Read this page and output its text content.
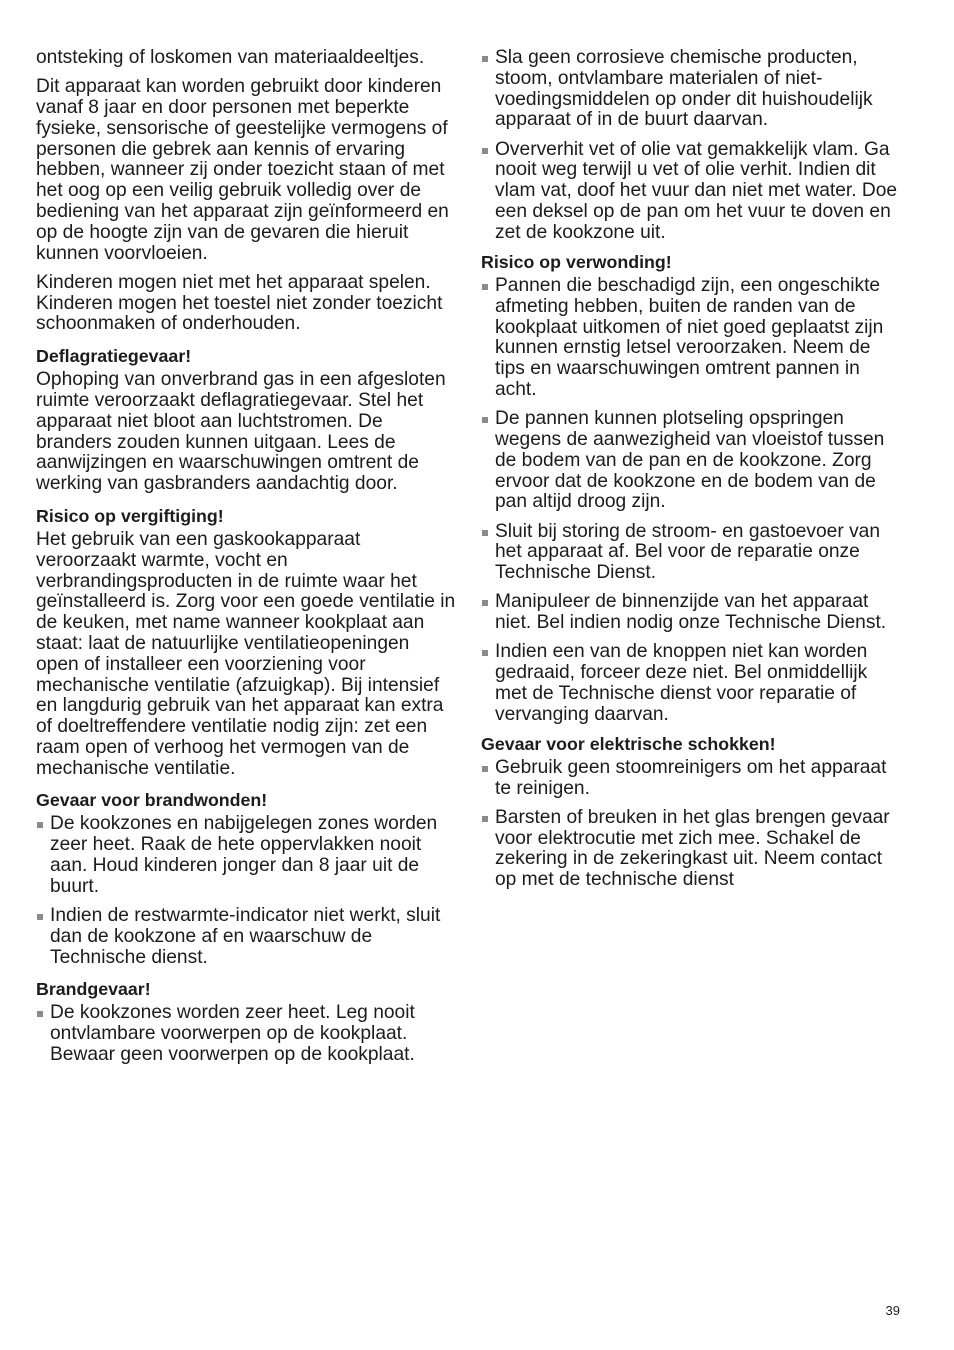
ontsteking of loskomen van materiaaldeeltjes.

Dit apparaat kan worden gebruikt door kinderen vanaf 8 jaar en door personen met beperkte fysieke, sensorische of geestelijke vermogens of personen die gebrek aan kennis of ervaring hebben, wanneer zij onder toezicht staan of met het oog op een veilig gebruik volledig over de bediening van het apparaat zijn geïnformeerd en op de hoogte zijn van de gevaren die hieruit kunnen voorvloeien.

Kinderen mogen niet met het apparaat spelen. Kinderen mogen het toestel niet zonder toezicht schoonmaken of onderhouden.

Deflagratiegevaar!

Ophoping van onverbrand gas in een afgesloten ruimte veroorzaakt deflagratiegevaar. Stel het apparaat niet bloot aan luchtstromen. De branders zouden kunnen uitgaan. Lees de aanwijzingen en waarschuwingen omtrent de werking van gasbranders aandachtig door.

Risico op vergiftiging!

Het gebruik van een gaskookapparaat veroorzaakt warmte, vocht en verbrandingsproducten in de ruimte waar het geïnstalleerd is. Zorg voor een goede ventilatie in de keuken, met name wanneer kookplaat aan staat: laat de natuurlijke ventilatieopeningen open of installeer een voorziening voor mechanische ventilatie (afzuigkap). Bij intensief en langdurig gebruik van het apparaat kan extra of doeltreffendere ventilatie nodig zijn: zet een raam open of verhoog het vermogen van de mechanische ventilatie.

Gevaar voor brandwonden!
De kookzones en nabijgelegen zones worden zeer heet. Raak de hete oppervlakken nooit aan. Houd kinderen jonger dan 8 jaar uit de buurt.
Indien de restwarmte-indicator niet werkt, sluit dan de kookzone af en waarschuw de Technische dienst.
Brandgevaar!
De kookzones worden zeer heet. Leg nooit ontvlambare voorwerpen op de kookplaat. Bewaar geen voorwerpen op de kookplaat.
Sla geen corrosieve chemische producten, stoom, ontvlambare materialen of niet-voedingsmiddelen op onder dit huishoudelijk apparaat of in de buurt daarvan.
Oververhit vet of olie vat gemakkelijk vlam. Ga nooit weg terwijl u vet of olie verhit. Indien dit vlam vat, doof het vuur dan niet met water. Doe een deksel op de pan om het vuur te doven en zet de kookzone uit.
Risico op verwonding!
Pannen die beschadigd zijn, een ongeschikte afmeting hebben, buiten de randen van de kookplaat uitkomen of niet goed geplaatst zijn kunnen ernstig letsel veroorzaken. Neem de tips en waarschuwingen omtrent pannen in acht.
De pannen kunnen plotseling opspringen wegens de aanwezigheid van vloeistof tussen de bodem van de pan en de kookzone. Zorg ervoor dat de kookzone en de bodem van de pan altijd droog zijn.
Sluit bij storing de stroom- en gastoevoer van het apparaat af. Bel voor de reparatie onze Technische Dienst.
Manipuleer de binnenzijde van het apparaat niet. Bel indien nodig onze Technische Dienst.
Indien een van de knoppen niet kan worden gedraaid, forceer deze niet. Bel onmiddellijk met de Technische dienst voor reparatie of vervanging daarvan.
Gevaar voor elektrische schokken!
Gebruik geen stoomreinigers om het apparaat te reinigen.
Barsten of breuken in het glas brengen gevaar voor elektrocutie met zich mee. Schakel de zekering in de zekeringkast uit. Neem contact op met de technische dienst
39
